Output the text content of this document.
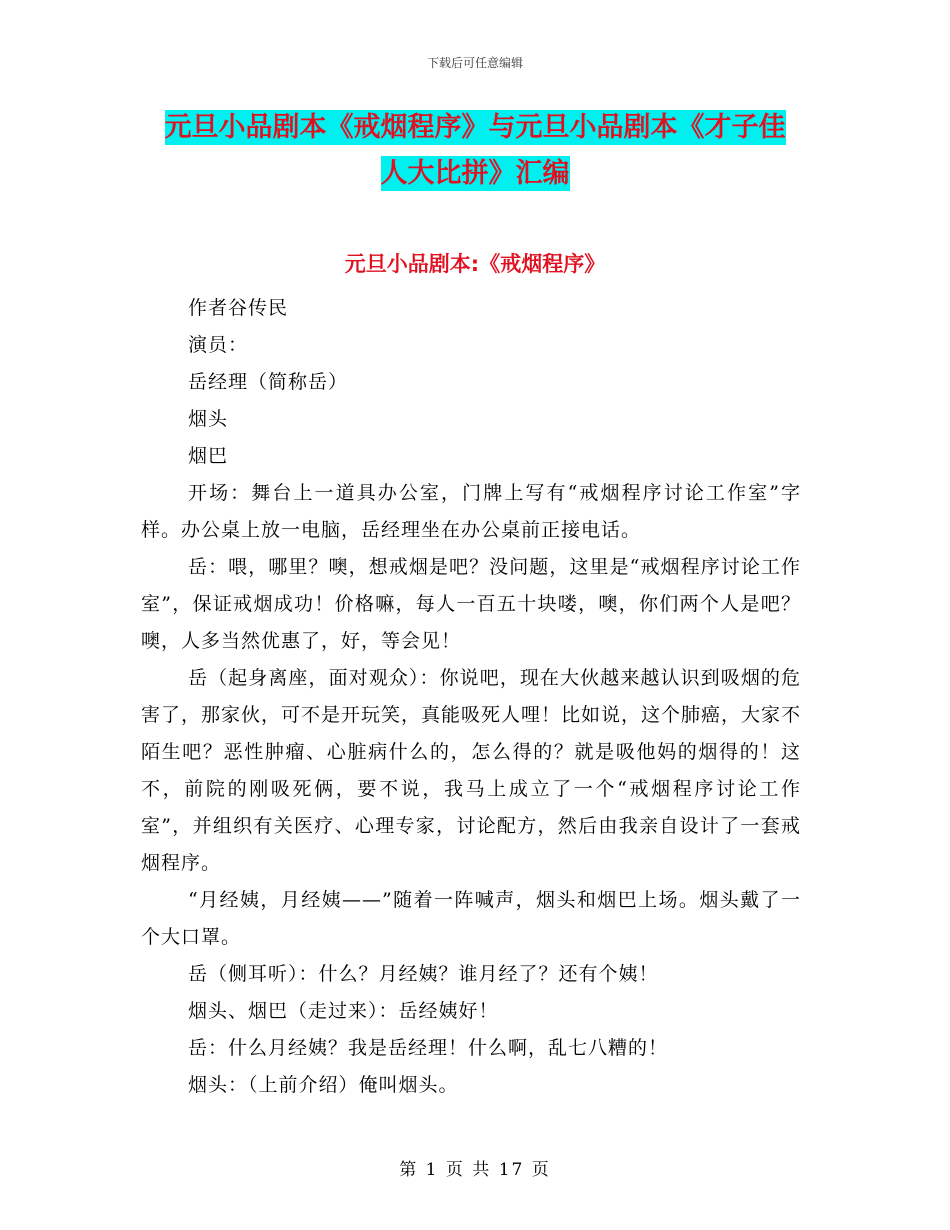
下载后可任意编辑
元旦小品剧本《戒烟程序》与元旦小品剧本《才子佳
人大比拼》汇编
元旦小品剧本:《戒烟程序》

作者谷传民

演员：

岳经理（简称岳）

烟头

烟巴

开场：舞台上一道具办公室，门牌上写有“戒烟程序讨论工作室”字样。办公桌上放一电脑，岳经理坐在办公桌前正接电话。

岳：喂，哪里？噢，想戒烟是吧？没问题，这里是“戒烟程序讨论工作室”，保证戒烟成功！价格嘛，每人一百五十块喽，噢，你们两个人是吧？噢，人多当然优惠了，好，等会见！

岳（起身离座，面对观众）：你说吧，现在大伙越来越认识到吸烟的危害了，那家伙，可不是开玩笑，真能吸死人哩！比如说，这个肺癌，大家不陌生吧？恶性肿瘤、心脏病什么的，怎么得的？就是吸他妈的烟得的！这不，前院的刚吸死俩，要不说，我马上成立了一个“戒烟程序讨论工作室”，并组织有关医疗、心理专家，讨论配方，然后由我亲自设计了一套戒烟程序。

“月经姨，月经姨——”随着一阵喊声，烟头和烟巴上场。烟头戴了一个大口罩。

岳（侧耳听）：什么？月经姨？谁月经了？还有个姨！

烟头、烟巴（走过来）：岳经姨好！

岳：什么月经姨？我是岳经理！什么啊，乱七八糟的！

烟头：（上前介绍）俺叫烟头。

第 1 页 共 17 页
